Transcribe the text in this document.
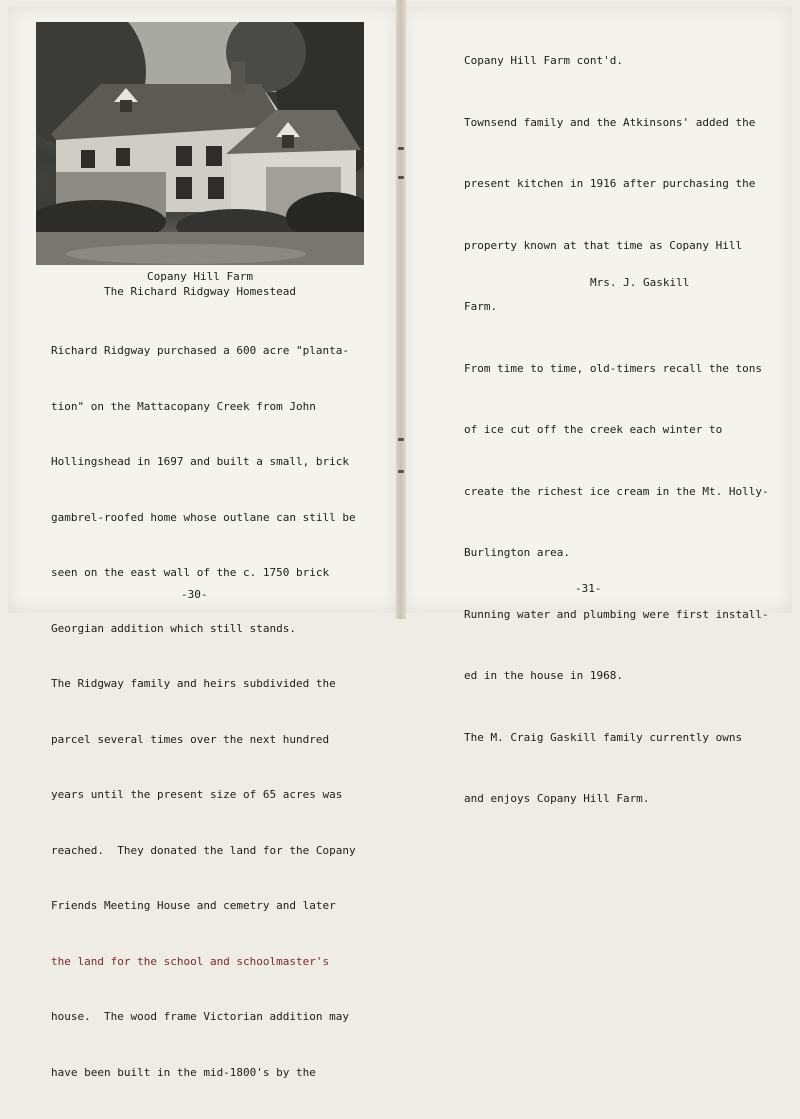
Copany Hill Farm
The Richard Ridgway Homestead

Richard Ridgway purchased a 600 acre "planta-

tion" on the Mattacopany Creek from John

Hollingshead in 1697 and built a small, brick

gambrel-roofed home whose outlane can still be

seen on the east wall of the c. 1750 brick

Georgian addition which still stands.

The Ridgway family and heirs subdivided the

parcel several times over the next hundred

years until the present size of 65 acres was

reached.  They donated the land for the Copany

Friends Meeting House and cemetry and later

the land for the school and schoolmaster's

house.  The wood frame Victorian addition may

have been built in the mid-1800's by the

-30-

Copany Hill Farm cont'd.

Townsend family and the Atkinsons' added the

present kitchen in 1916 after purchasing the

property known at that time as Copany Hill

Farm.

From time to time, old-timers recall the tons

of ice cut off the creek each winter to

create the richest ice cream in the Mt. Holly-

Burlington area.

Running water and plumbing were first install-

ed in the house in 1968.

The M. Craig Gaskill family currently owns

and enjoys Copany Hill Farm.

Mrs. J. Gaskill
-31-
